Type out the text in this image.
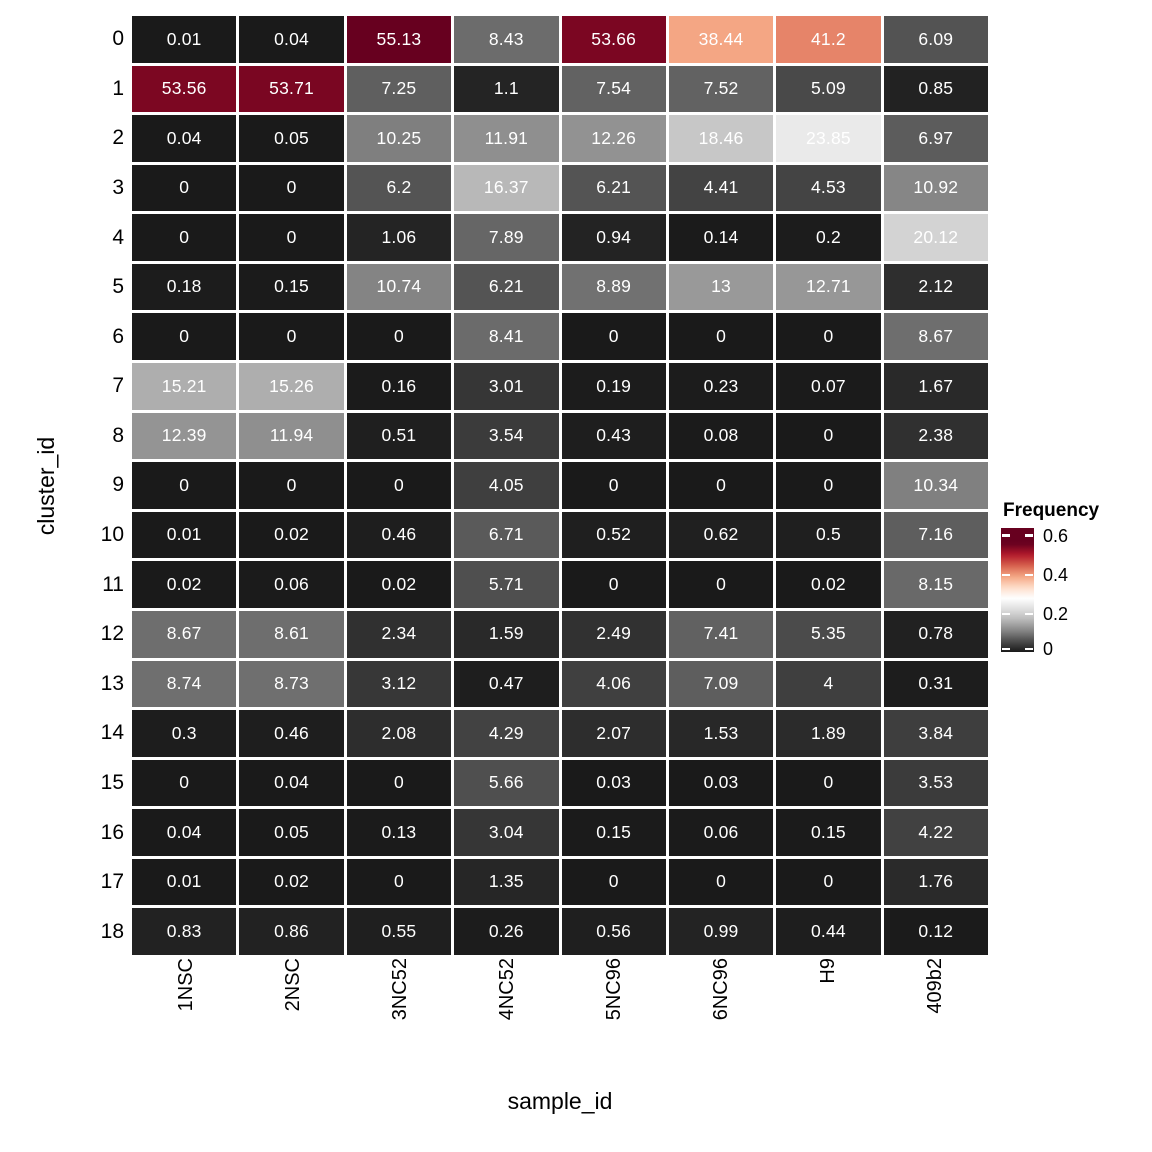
0.01	0.04	55.13	8.43	53.66	38.44	41.2	6.09
53.56	53.71	7.25	1.1	7.54	7.52	5.09	0.85
0.04	0.05	10.25	11.91	12.26	18.46	23.85	6.97
0	0	6.2	16.37	6.21	4.41	4.53	10.92
0	0	1.06	7.89	0.94	0.14	0.2	20.12
0.18	0.15	10.74	6.21	8.89	13	12.71	2.12
0	0	0	8.41	0	0	0	8.67
15.21	15.26	0.16	3.01	0.19	0.23	0.07	1.67
12.39	11.94	0.51	3.54	0.43	0.08	0	2.38
0	0	0	4.05	0	0	0	10.34
0.01	0.02	0.46	6.71	0.52	0.62	0.5	7.16
0.02	0.06	0.02	5.71	0	0	0.02	8.15
8.67	8.61	2.34	1.59	2.49	7.41	5.35	0.78
8.74	8.73	3.12	0.47	4.06	7.09	4	0.31
0.3	0.46	2.08	4.29	2.07	1.53	1.89	3.84
0	0.04	0	5.66	0.03	0.03	0	3.53
0.04	0.05	0.13	3.04	0.15	0.06	0.15	4.22
0.01	0.02	0	1.35	0	0	0	1.76
0.83	0.86	0.55	0.26	0.56	0.99	0.44	0.12
0
1
2
3
4
5
6
7
8
9
10
11
12
13
14
15
16
17
18
1NSC	2NSC	3NC52	4NC52	5NC96	6NC96	H9	409b2
cluster_id
sample_id
Frequency
0.6
0.4
0.2
0
